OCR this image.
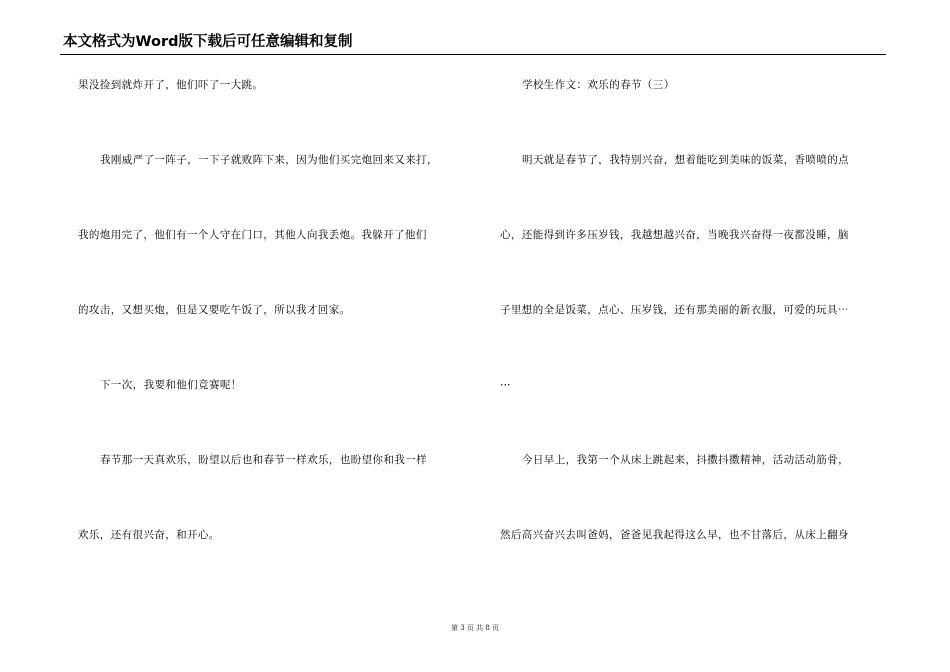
本文格式为Word版下载后可任意编辑和复制
果没捡到就炸开了，他们吓了一大跳。
我刚威严了一阵子，一下子就败阵下来，因为他们买完炮回来又来打，
我的炮用完了，他们有一个人守在门口，其他人向我丢炮。我躲开了他们
的攻击，又想买炮，但是又要吃午饭了，所以我才回家。
下一次，我要和他们竞赛呢！
春节那一天真欢乐，盼望以后也和春节一样欢乐，也盼望你和我一样
欢乐，还有很兴奋，和开心。
学校生作文：欢乐的春节（三）
明天就是春节了，我特别兴奋，想着能吃到美味的饭菜，香喷喷的点
心，还能得到许多压岁钱，我越想越兴奋，当晚我兴奋得一夜都没睡，脑
子里想的全是饭菜，点心、压岁钱，还有那美丽的新衣服，可爱的玩具⋯
⋯
今日早上，我第一个从床上跳起来，抖擞抖擞精神，活动活动筋骨，
然后高兴奋兴去叫爸妈，爸爸见我起得这么早，也不甘落后，从床上翻身
第 3 页 共 8 页
